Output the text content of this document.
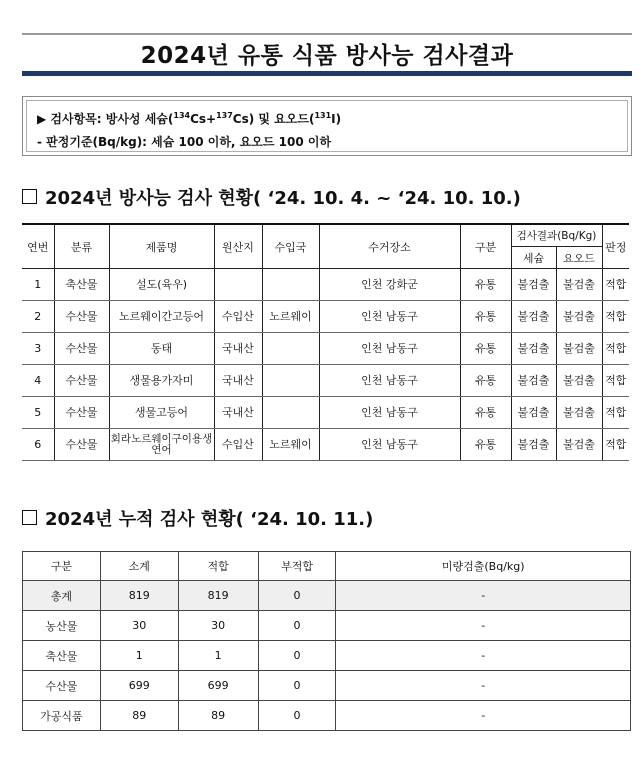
2024년 유통 식품 방사능 검사결과
▶ 검사항목: 방사성 세슘($^{134}$Cs+$^{137}$Cs) 및 요오드($^{131}$I)
- 판정기준(Bq/kg): 세슘 100 이하, 요오드 100 이하
2024년 방사능 검사 현황( ‘24. 10. 4. ~ ‘24. 10. 10.)
연번	분류	제품명	원산지	수입국	수거장소	구분	검사결과(Bq/Kg)		판정
							세슘	요오드	
1	축산물	설도(육우)			인천 강화군	유통	불검출	불검출	적합
2	수산물	노르웨이간고등어	수입산	노르웨이	인천 남동구	유통	불검출	불검출	적합
3	수산물	동태	국내산		인천 남동구	유통	불검출	불검출	적합
4	수산물	생물용가자미	국내산		인천 남동구	유통	불검출	불검출	적합
5	수산물	생물고등어	국내산		인천 남동구	유통	불검출	불검출	적합
6	수산물	회라노르웨이구이용생연어	수입산	노르웨이	인천 남동구	유통	불검출	불검출	적합
2024년 누적 검사 현황( ‘24. 10. 11.)
구분	소계	적합	부적합	미량검출(Bq/kg)
총계	819	819	0	-
농산물	30	30	0	-
축산물	1	1	0	-
수산물	699	699	0	-
가공식품	89	89	0	-
